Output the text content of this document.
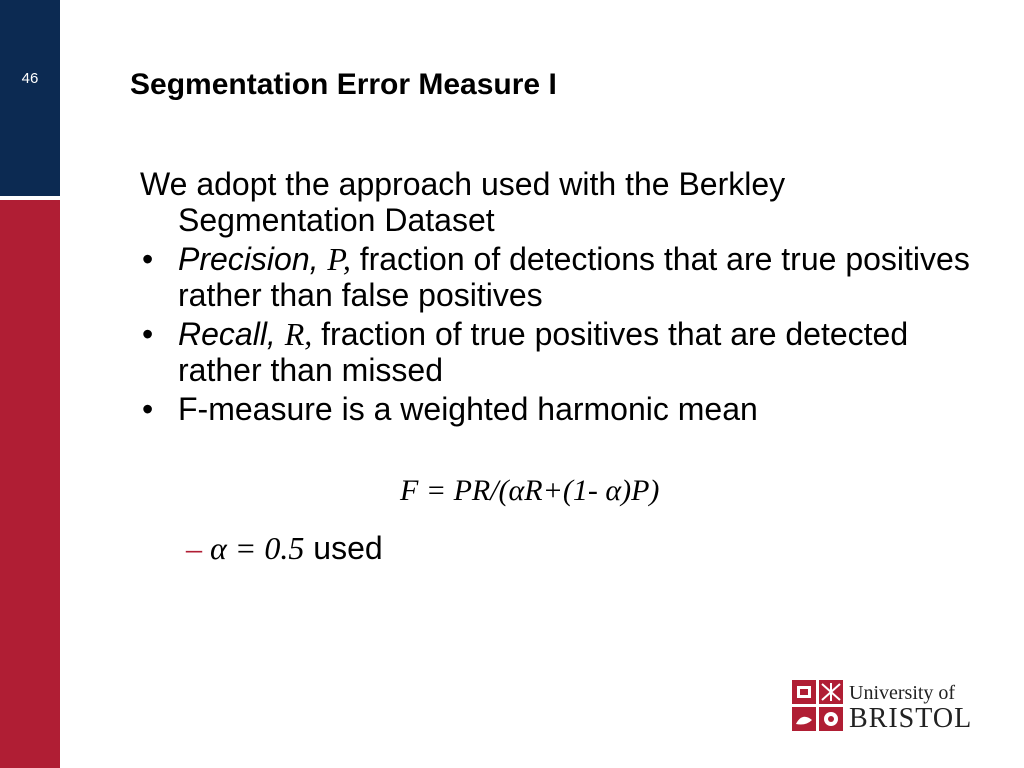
46	Segmentation Error Measure I

We adopt the approach used with the Berkley Segmentation Dataset

• Precision, P, fraction of detections that are true positives rather than false positives
• Recall, R, fraction of true positives that are detected rather than missed
• F-measure is a weighted harmonic mean
F = PR/(αR+(1- α)P)
– α = 0.5 used
University of
BRISTOL
